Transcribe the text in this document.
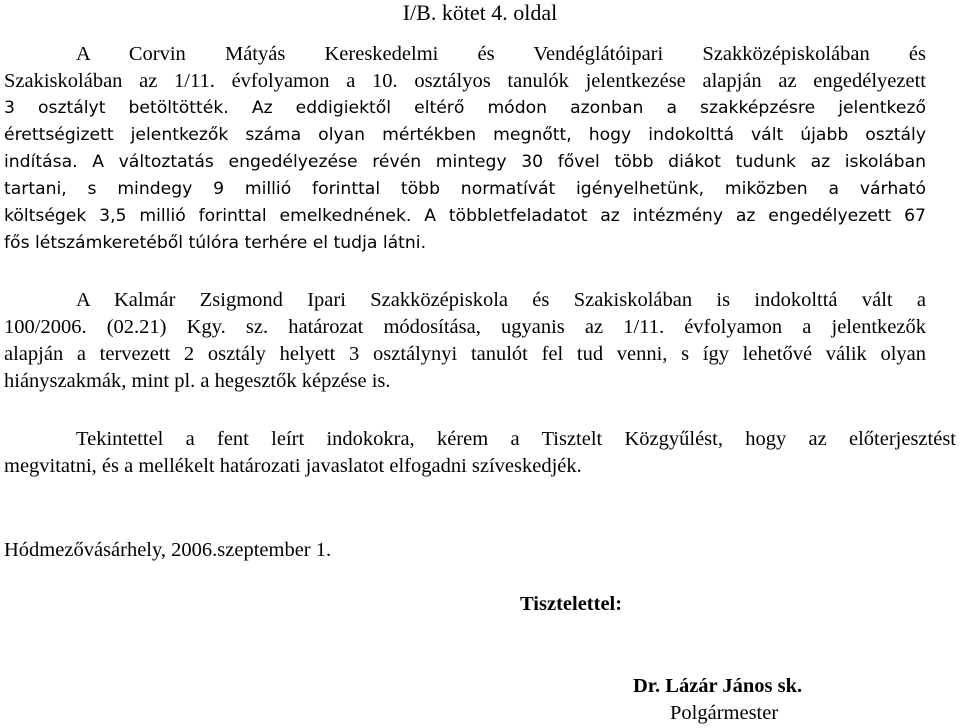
I/B. kötet 4. oldal
A Corvin Mátyás Kereskedelmi és Vendéglátóipari Szakközépiskolában és
Szakiskolában az 1/11. évfolyamon a 10. osztályos tanulók jelentkezése alapján az engedélyezett
3 osztályt betöltötték. Az eddigiektől eltérő módon azonban a szakképzésre jelentkező
érettségizett jelentkezők száma olyan mértékben megnőtt, hogy indokolttá vált újabb osztály
indítása. A változtatás engedélyezése révén mintegy 30 fővel több diákot tudunk az iskolában
tartani, s mindegy 9 millió forinttal több normatívát igényelhetünk, miközben a várható
költségek 3,5 millió forinttal emelkednének. A többletfeladatot az intézmény az engedélyezett 67
fős létszámkeretéből túlóra terhére el tudja látni.
A Kalmár Zsigmond Ipari Szakközépiskola és Szakiskolában is indokolttá vált a
100/2006. (02.21) Kgy. sz. határozat módosítása, ugyanis az 1/11. évfolyamon a jelentkezők
alapján a tervezett 2 osztály helyett 3 osztálynyi tanulót fel tud venni, s így lehetővé válik olyan
hiányszakmák, mint pl. a hegesztők képzése is.
Tekintettel a fent leírt indokokra, kérem a Tisztelt Közgyűlést, hogy az előterjesztést
megvitatni, és a mellékelt határozati javaslatot elfogadni szíveskedjék.
Hódmezővásárhely, 2006.szeptember 1.
Tisztelettel:
Dr. Lázár János sk.
Polgármester
